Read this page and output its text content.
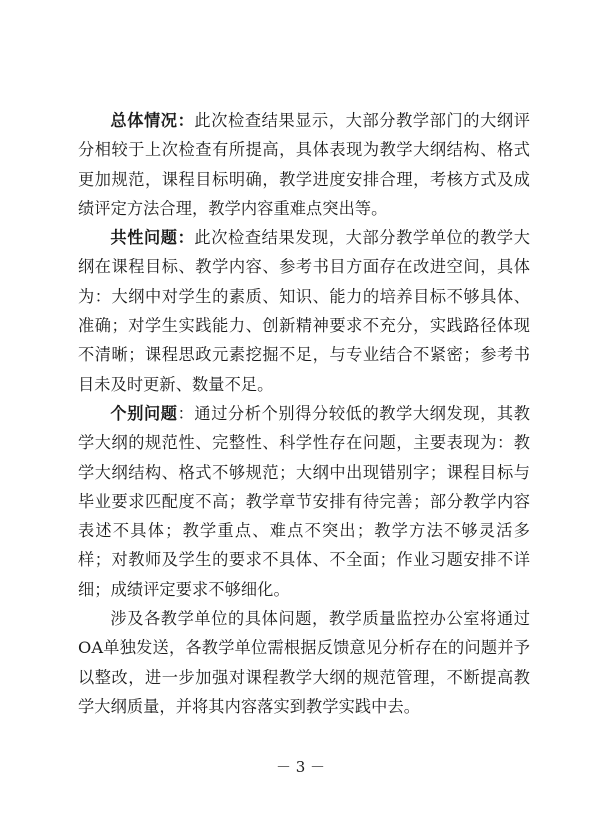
总体情况：此次检查结果显示，大部分教学部门的大纲评分相较于上次检查有所提高，具体表现为教学大纲结构、格式更加规范，课程目标明确，教学进度安排合理，考核方式及成绩评定方法合理，教学内容重难点突出等。

共性问题：此次检查结果发现，大部分教学单位的教学大纲在课程目标、教学内容、参考书目方面存在改进空间，具体为：大纲中对学生的素质、知识、能力的培养目标不够具体、准确；对学生实践能力、创新精神要求不充分，实践路径体现不清晰；课程思政元素挖掘不足，与专业结合不紧密；参考书目未及时更新、数量不足。

个别问题：通过分析个别得分较低的教学大纲发现，其教学大纲的规范性、完整性、科学性存在问题，主要表现为：教学大纲结构、格式不够规范；大纲中出现错别字；课程目标与毕业要求匹配度不高；教学章节安排有待完善；部分教学内容表述不具体；教学重点、难点不突出；教学方法不够灵活多样；对教师及学生的要求不具体、不全面；作业习题安排不详细；成绩评定要求不够细化。

涉及各教学单位的具体问题，教学质量监控办公室将通过OA单独发送，各教学单位需根据反馈意见分析存在的问题并予以整改，进一步加强对课程教学大纲的规范管理，不断提高教学大纲质量，并将其内容落实到教学实践中去。

－ 3 －
